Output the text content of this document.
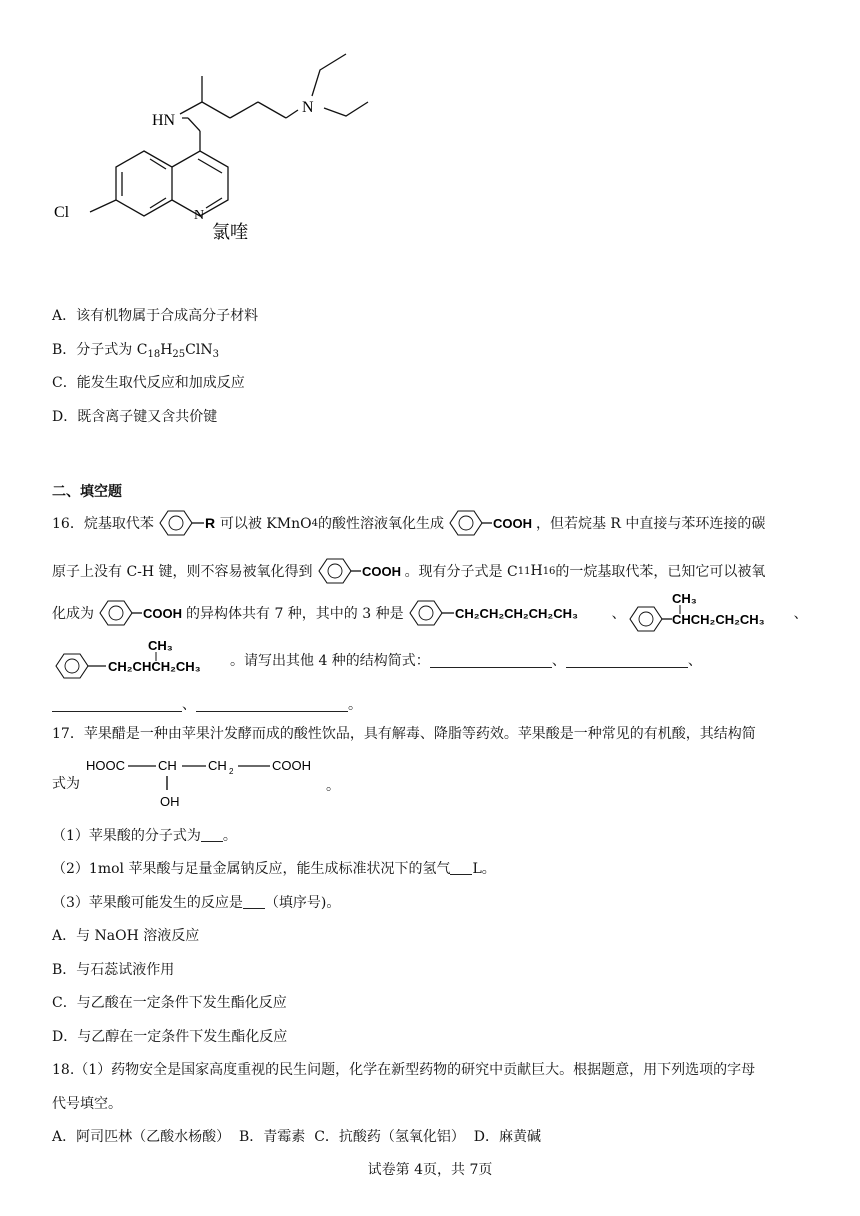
HN
N
Cl	N
氯喹
A．该有机物属于合成高分子材料
B．分子式为 $C_{18}H_{25}ClN_3$
C．能发生取代反应和加成反应
D．既含离子键又含共价键
二、填空题
16．烷基取代苯	R 可以被 KMnO 4 的酸性溶液氧化生成	COOH ，但若烷基 R 中直接与苯环连接的碳
原子上没有 C-H 键，则不容易被氧化得到	COOH 。现有分子式是 C 11 H 16 的一烷基取代苯，已知它可以被氧
化成为	COOH 的异构体共有 7 种，其中的 3 种是	CH₂CH₂CH₂CH₂CH₃ 、
CH₃
CHCH₂CH₂CH₃ 、
CH₃
CH₂CHCH₂CH₃ 。请写出其他 4 种的结构简式：	、	、
、	。
17．苹果醋是一种由苹果汁发酵而成的酸性饮品，具有解毒、降脂等药效。苹果酸是一种常见的有机酸，其结构简
式为
HOOC	CH CH 2	COOH
OH
。
（1）苹果酸的分子式为 。
（2）1mol 苹果酸与足量金属钠反应，能生成标准状况下的氢气 L。
（3）苹果酸可能发生的反应是 （填序号)。
A．与 NaOH 溶液反应
B．与石蕊试液作用
C．与乙酸在一定条件下发生酯化反应
D．与乙醇在一定条件下发生酯化反应
18.（1）药物安全是国家高度重视的民生问题，化学在新型药物的研究中贡献巨大。根据题意，用下列选项的字母
代号填空。
A．阿司匹林（乙酸水杨酸）  B．青霉素  C．抗酸药（氢氧化铝）  D．麻黄碱
试卷第 4页，共 7页
